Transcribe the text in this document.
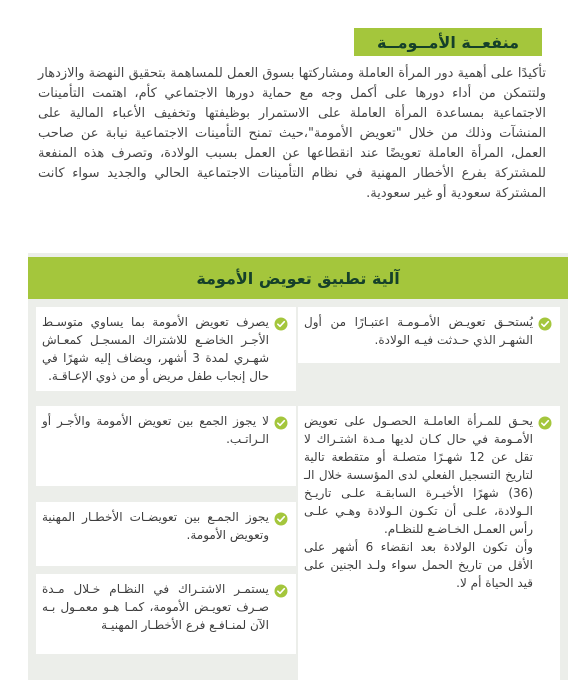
منفعــة الأمــومــة
تأكيدًا على أهمية دور المرأة العاملة ومشاركتها بسوق العمل للمساهمة بتحقيق النهضة والازدهار ولتتمكن من أداء دورها على أكمل وجه مع حماية دورها الاجتماعي كأم، اهتمت التأمينات الاجتماعية بمساعدة المرأة العاملة على الاستمرار بوظيفتها وتخفيف الأعباء المالية على المنشآت وذلك من خلال "تعويض الأمومة"،حيث تمنح التأمينات الاجتماعية نيابة عن صاحب العمل، المرأة العاملة تعويضًا عند انقطاعها عن العمل بسبب الولادة، وتصرف هذه المنفعة للمشتركة بفرع الأخطار المهنية في نظام التأمينات الاجتماعية الحالي والجديد سواء كانت المشتركة سعودية أو غير سعودية.
آلية تطبيق تعويض الأمومة
يُستحـق تعويـض الأمـومـة اعتبـارًا من أول الشهـر الذي حـدثت فيـه الولادة.
يصرف تعويض الأمومة بما يساوي متوسـط الأجـر الخاضـع للاشتراك المسجـل كمعـاش شهـري لمدة 3 أشهر، ويضاف إليه شهرًا في حال إنجاب طفل مريض أو من ذوي الإعـاقـة.
يحـق للمـرأة العاملـة الحصـول على تعويض الأمـومة في حال كـان لديها مـدة اشتـراك لا تقل عن 12 شهـرًا متصلـة أو متقطعة تالية لتاريخ التسجيل الفعلي لدى المؤسسة خلال الـ (36) شهرًا الأخيـرة السابقـة علـى تاريـخ الـولادة، علـى أن تكـون الـولادة وهـي علـى رأس العمـل الخـاضـع للنظـام.
وأن تكون الولادة بعد انقضاء 6 أشهر على الأقل من تاريخ الحمل سواء ولـد الجنين على قيد الحياة أم لا.
لا يجوز الجمع بين تعويض الأمومة والأجـر أو الـراتـب.
يجوز الجمـع بين تعويضـات الأخطـار المهنية وتعويض الأمومة.
يستمـر الاشتـراك في النظـام خـلال مـدة صـرف تعويـض الأمومة، كمـا هـو معمـول بـه الآن لمنـافـع فرع الأخطـار المهنيـة
